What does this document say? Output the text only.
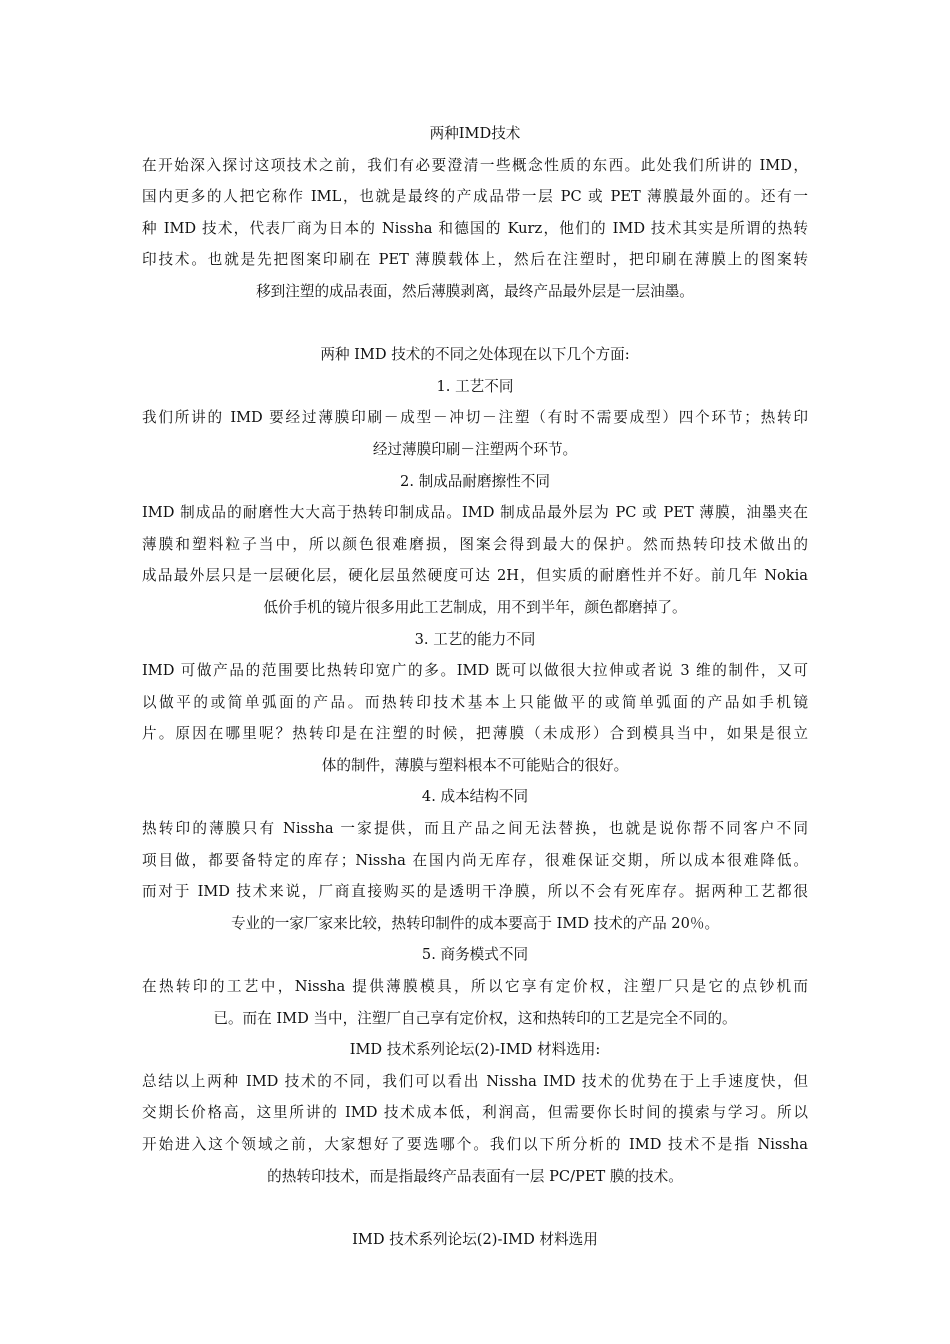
两种IMD技术
在开始深入探讨这项技术之前，我们有必要澄清一些概念性质的东西。此处我们所讲的 IMD，
国内更多的人把它称作 IML，也就是最终的产成品带一层 PC 或 PET 薄膜最外面的。还有一
种 IMD 技术，代表厂商为日本的 Nissha 和德国的 Kurz，他们的 IMD 技术其实是所谓的热转
印技术。也就是先把图案印刷在 PET 薄膜载体上，然后在注塑时，把印刷在薄膜上的图案转
移到注塑的成品表面，然后薄膜剥离，最终产品最外层是一层油墨。
两种 IMD 技术的不同之处体现在以下几个方面:
1. 工艺不同
我们所讲的 IMD 要经过薄膜印刷－成型－冲切－注塑（有时不需要成型）四个环节；热转印
经过薄膜印刷－注塑两个环节。
2. 制成品耐磨擦性不同
IMD 制成品的耐磨性大大高于热转印制成品。IMD 制成品最外层为 PC 或 PET 薄膜，油墨夹在
薄膜和塑料粒子当中，所以颜色很难磨损，图案会得到最大的保护。然而热转印技术做出的
成品最外层只是一层硬化层，硬化层虽然硬度可达 2H，但实质的耐磨性并不好。前几年 Nokia
低价手机的镜片很多用此工艺制成，用不到半年，颜色都磨掉了。
3. 工艺的能力不同
IMD 可做产品的范围要比热转印宽广的多。IMD 既可以做很大拉伸或者说 3 维的制件，又可
以做平的或简单弧面的产品。而热转印技术基本上只能做平的或简单弧面的产品如手机镜
片。原因在哪里呢？热转印是在注塑的时候，把薄膜（未成形）合到模具当中，如果是很立
体的制件，薄膜与塑料根本不可能贴合的很好。
4. 成本结构不同
热转印的薄膜只有 Nissha 一家提供，而且产品之间无法替换，也就是说你帮不同客户不同
项目做，都要备特定的库存；Nissha 在国内尚无库存，很难保证交期，所以成本很难降低。
而对于 IMD 技术来说，厂商直接购买的是透明干净膜，所以不会有死库存。据两种工艺都很
专业的一家厂家来比较，热转印制件的成本要高于 IMD 技术的产品 20％。
5. 商务模式不同
在热转印的工艺中，Nissha 提供薄膜模具，所以它享有定价权，注塑厂只是它的点钞机而
已。而在 IMD 当中，注塑厂自己享有定价权，这和热转印的工艺是完全不同的。
IMD 技术系列论坛(2)-IMD 材料选用:
总结以上两种 IMD 技术的不同，我们可以看出 Nissha IMD 技术的优势在于上手速度快，但
交期长价格高，这里所讲的 IMD 技术成本低，利润高，但需要你长时间的摸索与学习。所以
开始进入这个领域之前，大家想好了要选哪个。我们以下所分析的 IMD 技术不是指 Nissha
的热转印技术，而是指最终产品表面有一层 PC/PET 膜的技术。
IMD 技术系列论坛(2)-IMD 材料选用
